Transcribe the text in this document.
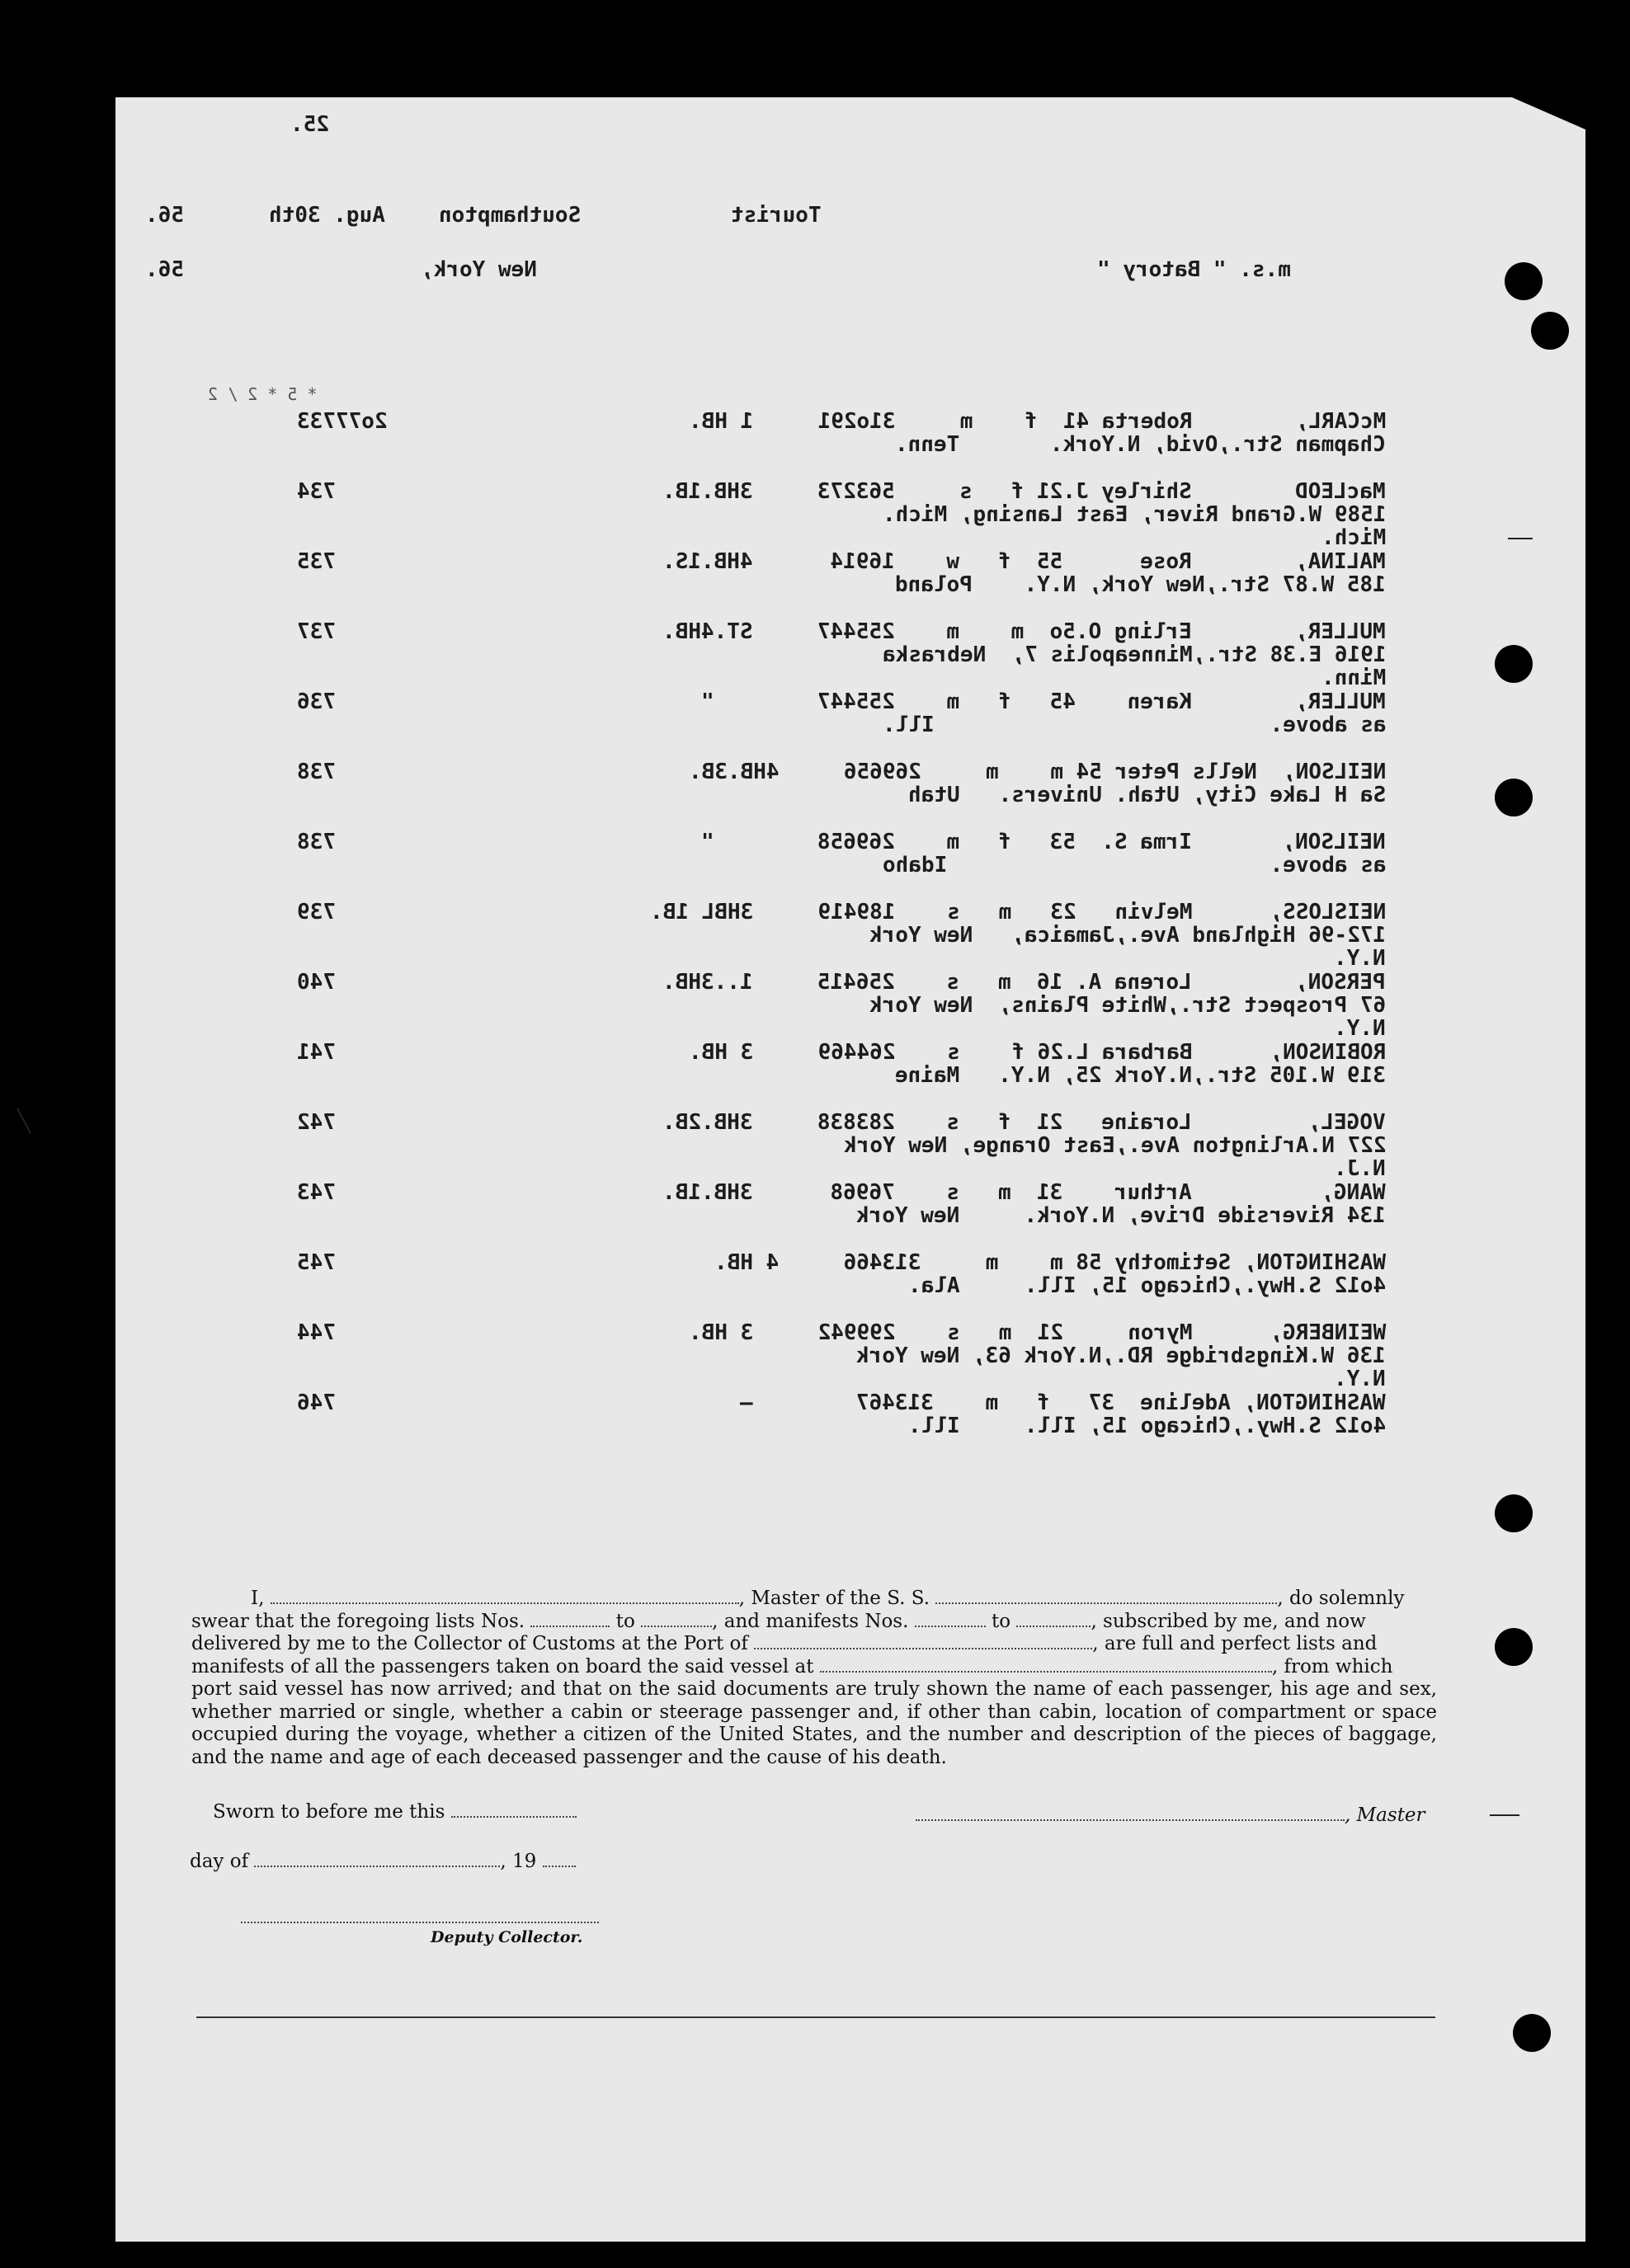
25.
Tourist
Southampton
Aug. 30th
56.
m.s. " Batory "
New York,
56.
* 5 * 2 / 2
2o77733	McCARL,        Roberta 41  f    m     31o291     1 HB.
Chapman Str.,Ovid, N.York.       Tenn.
734	MacLEOD        Shirley J.21 f   s     563273     3HB.1B.
1589 W.Grand River, East Lansing, Mich.
Mich.
735	MALINA,        Rose      55  f   w    16914      4HB.1S.
185 W.87 Str.,New York, N.Y.    Poland
737	MULLER,        Erling O.5o  m    m    255447     ST.4HB.
1916 E.38 Str.,Minneapolis 7,  Nebraska
Minn.
736	MULLER,        Karen    45   f   m    255447        "
as above.                          Ill.
738	NEILSON,  Nells Peter 54 m    m     269656     4HB.3B.
Sa H Lake City, Utah. Univers.   Utah
738	NEILSON,       Irma S.  53   f   m    269658        "
as above.                         Idaho
739	NEISLOSS,      Melvin   23   m   s    189419     3HBL 1B.
172-96 Highland Ave.,Jamaica,   New York
N.Y.
740	PERSON,        Lorena A. 16  m   s    256415     1..3HB.
67 Prospect Str.,White Plains,  New York
N.Y.
741	ROBINSON,      Barbara L.26 f    s    264469     3 HB.
319 W.105 Str.,N.York 25, N.Y.   Maine
742	VOGEL,         Loraine   21  f   s    283838     3HB.2B.
227 N.Arlington Ave.,East Orange, New York
N.J.
743	WANG,          Arthur    31  m   s    76968      3HB.1B.
134 Riverside Drive, N.York.     New York
745	WASHINGTON, Setimothy 58 m    m     313466     4 HB.
4o12 S.Hwy.,Chicago 15, Ill.     Ala.
744	WEINBERG,      Myron     21  m   s    299942     3 HB.
136 W.Kingsbridge RD.,N.York 63, New York
N.Y.
746	WASHINGTON, Adeline  37   f   m    313467        —
4o12 S.Hwy.,Chicago 15, Ill.     Ill.

I,	, Master of the S. S.	, do solemnly

swear that the foregoing lists Nos.	to	, and manifests Nos.	to	, subscribed by me, and now

delivered by me to the Collector of Customs at the Port of	, are full and perfect lists and

manifests of all the passengers taken on board the said vessel at	, from which

port said vessel has now arrived; and that on the said documents are truly shown the name of each passenger, his age and sex, whether married or single, whether a cabin or steerage passenger and, if other than cabin, location of compartment or space occupied during the voyage, whether a citizen of the United States, and the number and description of the pieces of baggage, and the name and age of each deceased passenger and the cause of his death.

Sworn to before me this	, Master
day of	, 19
Deputy Collector.
